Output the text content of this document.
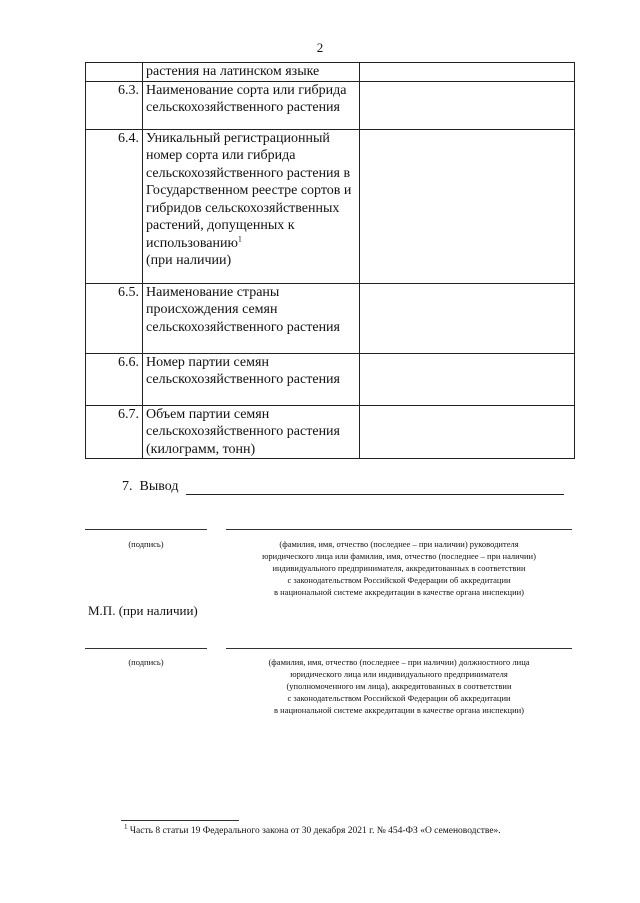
2
	растения на латинском языке	
6.3.	Наименование сорта или гибрида сельскохозяйственного растения	
6.4.	Уникальный регистрационный номер сорта или гибрида сельскохозяйственного растения в Государственном реестре сортов и гибридов сельскохозяйственных растений, допущенных к использованию$^1$
(при наличии)	
6.5.	Наименование страны происхождения семян сельскохозяйственного растения	
6.6.	Номер партии семян сельскохозяйственного растения	
6.7.	Объем партии семян сельскохозяйственного растения (килограмм, тонн)	
7. Вывод
(подпись)	(фамилия, имя, отчество (последнее – при наличии) руководителя
юридического лица или фамилия, имя, отчество (последнее – при наличии)
индивидуального предпринимателя, аккредитованных в соответствии
с законодательством Российской Федерации об аккредитации
в национальной системе аккредитации в качестве органа инспекции)
М.П. (при наличии)
(подпись)	(фамилия, имя, отчество (последнее – при наличии) должностного лица
юридического лица или индивидуального предпринимателя
(уполномоченного им лица), аккредитованных в соответствии
с законодательством Российской Федерации об аккредитации
в национальной системе аккредитации в качестве органа инспекции)
$^1$ Часть 8 статьи 19 Федерального закона от 30 декабря 2021 г. № 454-ФЗ «О семеноводстве».
